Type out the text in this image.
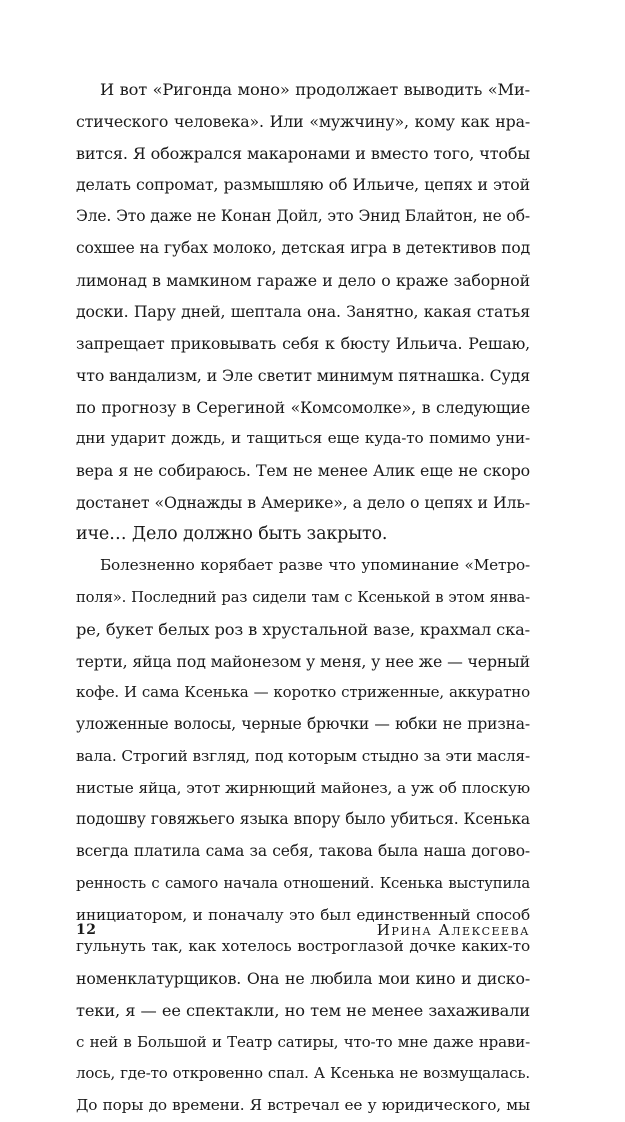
И вот «Ригонда моно» продолжает выводить «Ми-
стического человека». Или «мужчину», кому как нра-
вится. Я обожрался макаронами и вместо того, чтобы
делать сопромат, размышляю об Ильиче, цепях и этой
Эле. Это даже не Конан Дойл, это Энид Блайтон, не об-
сохшее на губах молоко, детская игра в детективов под
лимонад в мамкином гараже и дело о краже заборной
доски. Пару дней, шептала она. Занятно, какая статья
запрещает приковывать себя к бюсту Ильича. Решаю,
что вандализм, и Эле светит минимум пятнашка. Судя
по прогнозу в Серегиной «Комсомолке», в следующие
дни ударит дождь, и тащиться еще куда-то помимо уни-
вера я не собираюсь. Тем не менее Алик еще не скоро
достанет «Однажды в Америке», а дело о цепях и Иль-
иче… Дело должно быть закрыто.
Болезненно корябает разве что упоминание «Метро-
поля». Последний раз сидели там с Ксенькой в этом янва-
ре, букет белых роз в хрустальной вазе, крахмал ска-
терти, яйца под майонезом у меня, у нее же — черный
кофе. И сама Ксенька — коротко стриженные, аккуратно
уложенные волосы, черные брючки — юбки не призна-
вала. Строгий взгляд, под которым стыдно за эти масля-
нистые яйца, этот жирнющий майонез, а уж об плоскую
подошву говяжьего языка впору было убиться. Ксенька
всегда платила сама за себя, такова была наша догово-
ренность с самого начала отношений. Ксенька выступила
инициатором, и поначалу это был единственный способ
гульнуть так, как хотелось востроглазой дочке каких-то
номенклатурщиков. Она не любила мои кино и диско-
теки, я — ее спектакли, но тем не менее захаживали
с ней в Большой и Театр сатиры, что-то мне даже нрави-
лось, где-то откровенно спал. А Ксенька не возмущалась.
До поры до времени. Я встречал ее у юридического, мы
12	Ирина Алексеева
